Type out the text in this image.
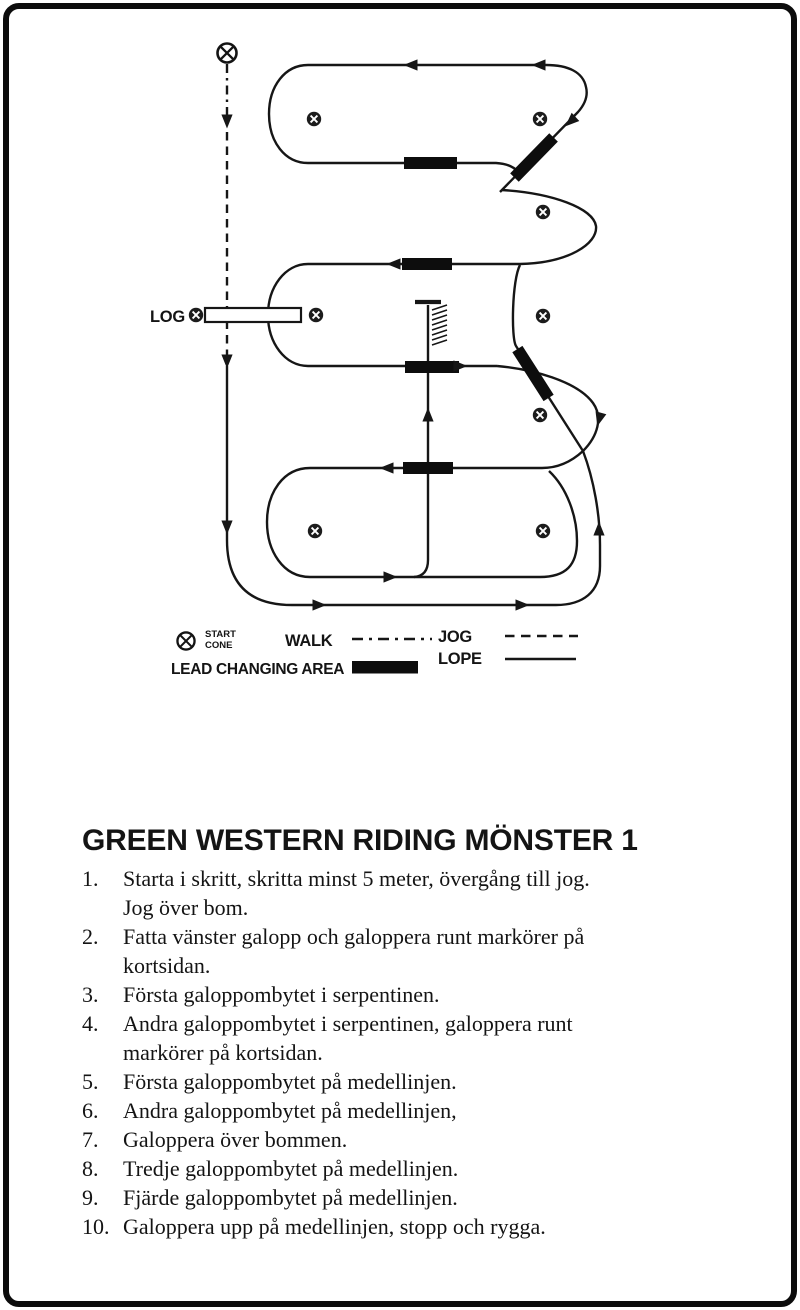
LOG
START
CONE	WALK	JOG
LOPE
LEAD CHANGING AREA
GREEN WESTERN RIDING MÖNSTER 1
1.	Starta i skritt, skritta minst 5 meter, övergång till jog.
Jog över bom.
2.	Fatta vänster galopp och galoppera runt markörer på
kortsidan.
3.	Första galoppombytet i serpentinen.
4.	Andra galoppombytet i serpentinen, galoppera runt
markörer på kortsidan.
5.	Första galoppombytet på medellinjen.
6.	Andra galoppombytet på medellinjen,
7.	Galoppera över bommen.
8.	Tredje galoppombytet på medellinjen.
9.	Fjärde galoppombytet på medellinjen.
10. Galoppera upp på medellinjen, stopp och rygga.
